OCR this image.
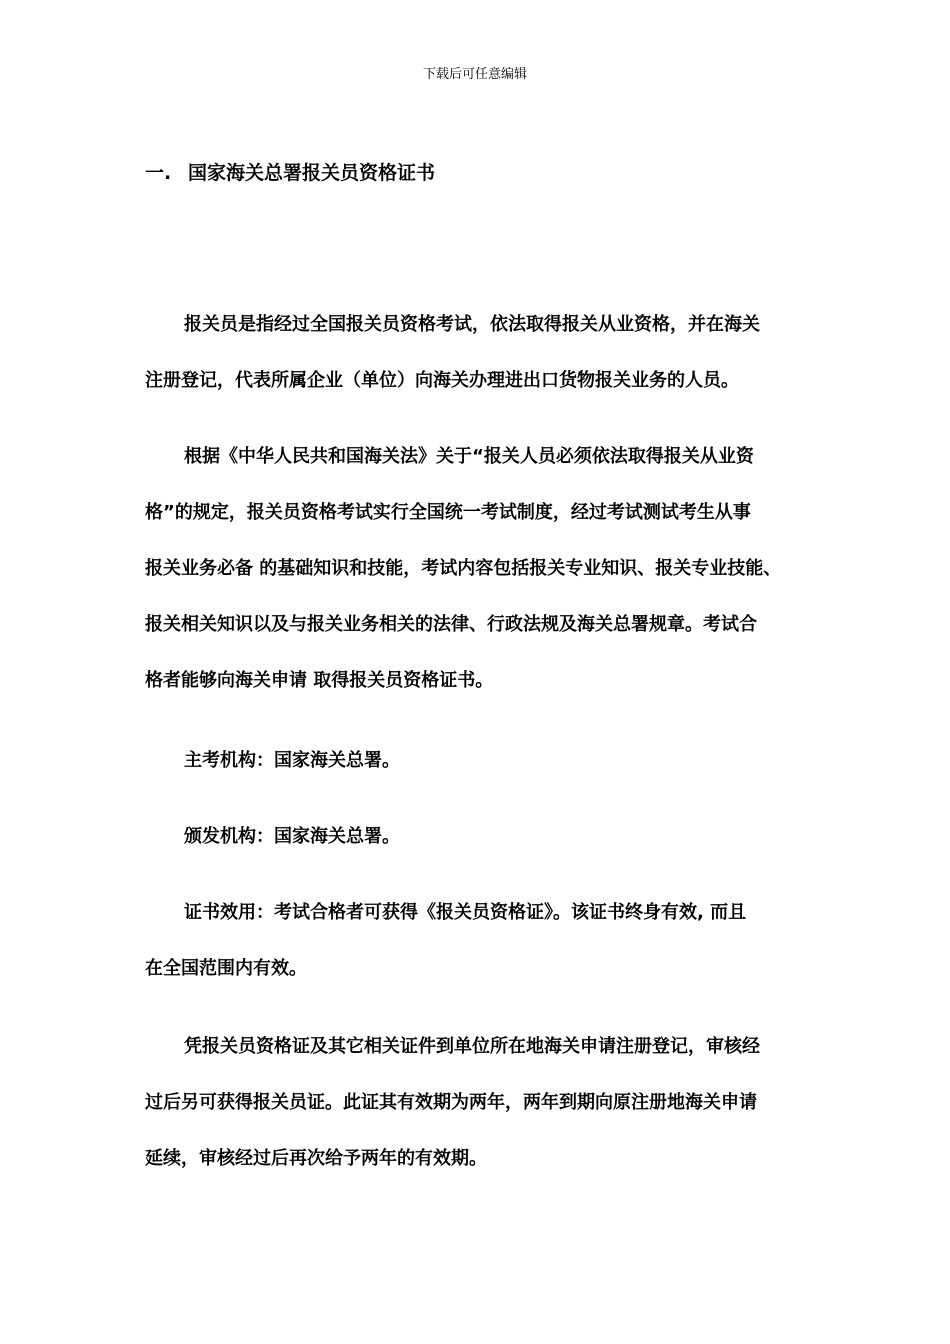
下载后可任意编辑
一. 国家海关总署报关员资格证书
报关员是指经过全国报关员资格考试，依法取得报关从业资格，并在海关
注册登记，代表所属企业（单位）向海关办理进出口货物报关业务的人员。
根据《中华人民共和国海关法》关于“报关人员必须依法取得报关从业资
格”的规定，报关员资格考试实行全国统一考试制度，经过考试测试考生从事
报关业务必备 的基础知识和技能，考试内容包括报关专业知识、报关专业技能、
报关相关知识以及与报关业务相关的法律、行政法规及海关总署规章。考试合
格者能够向海关申请 取得报关员资格证书。
主考机构：国家海关总署。
颁发机构：国家海关总署。
证书效用：考试合格者可获得《报关员资格证》。该证书终身有效, 而且
在全国范围内有效。
凭报关员资格证及其它相关证件到单位所在地海关申请注册登记，审核经
过后另可获得报关员证。此证其有效期为两年，两年到期向原注册地海关申请
延续，审核经过后再次给予两年的有效期。
